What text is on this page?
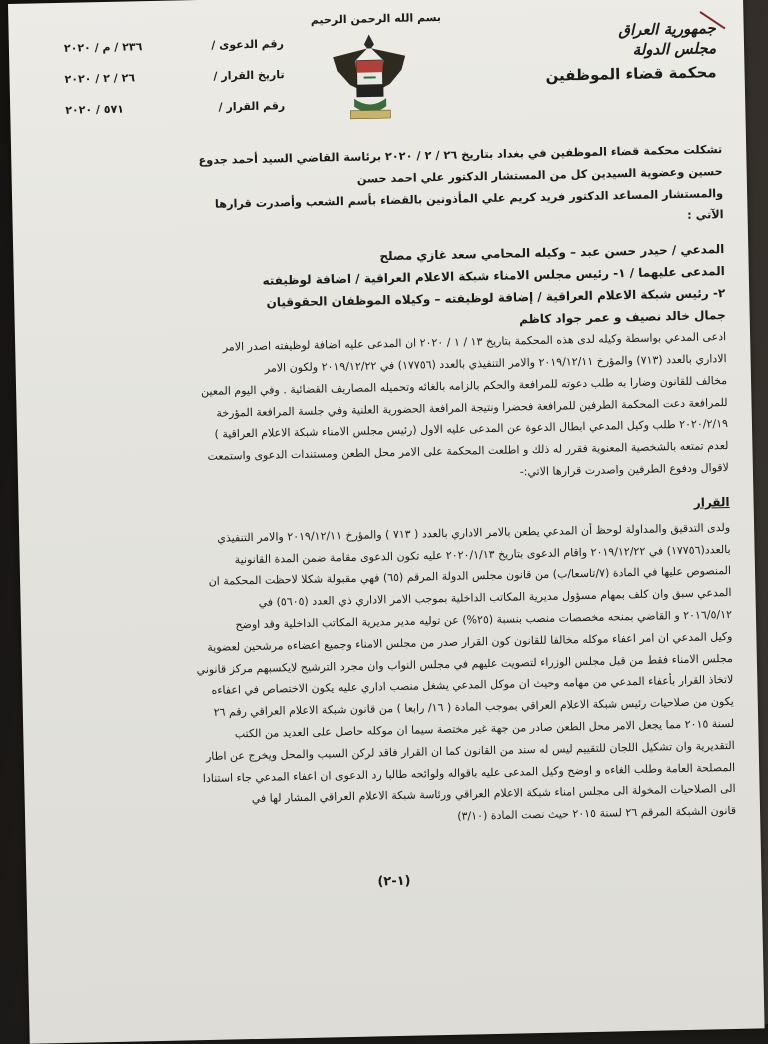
بسم الله الرحمن الرحيم
جمهورية العراق
مجلس الدولة
محكمة قضاء الموظفين
رقم الدعوى /
٢٣٦ / م / ٢٠٢٠
تاريخ القرار /
٢٦ / ٢ / ٢٠٢٠
رقم القرار /
٥٧١ / ٢٠٢٠
تشكلت محكمة قضاء الموظفين في بغداد بتاريخ ٢٦ / ٢ / ٢٠٢٠ برئاسة القاضي السيد أحمد جدوع
حسين وعضوية السيدين كل من المستشار الدكتور علي احمد حسن
والمستشار المساعد الدكتور فريد كريم علي المأذونين بالقضاء بأسم الشعب وأصدرت قرارها
الآتي :
المدعي / حيدر حسن عبد – وكيله المحامي سعد غازي مصلح
المدعى عليهما / ١- رئيس مجلس الامناء شبكة الاعلام العراقية / اضافة لوظيفته
٢- رئيس شبكة الاعلام العراقية / إضافة لوظيفته – وكيلاه الموظفان الحقوقيان
جمال خالد نصيف و عمر جواد كاظم
ادعى المدعي بواسطة وكيله لدى هذه المحكمة بتاريخ ١٣ / ١ / ٢٠٢٠ ان المدعى عليه اضافة لوظيفته اصدر الامر
الاداري بالعدد (٧١٣) والمؤرخ ٢٠١٩/١٢/١١ والامر التنفيذي بالعدد (١٧٧٥٦) في ٢٠١٩/١٢/٢٢ ولكون الامر
مخالف للقانون وضارا به طلب دعوته للمرافعة والحكم بالزامه بالغائه وتحميله المصاريف القضائية . وفي اليوم المعين
للمرافعة دعت المحكمة الطرفين للمرافعة فحضرا ونتيجة المرافعة الحضورية العلنية وفي جلسة المرافعة المؤرخة
٢٠٢٠/٢/١٩ طلب وكيل المدعي ابطال الدعوة عن المدعى عليه الاول (رئيس مجلس الامناء شبكة الاعلام العراقية )
لعدم تمتعه بالشخصية المعنوية فقرر له ذلك و اطلعت المحكمة على الامر محل الطعن ومستندات الدعوى واستمعت
لاقوال ودفوع الطرفين واصدرت قرارها الاتي:-
القرار
ولدى التدقيق والمداولة لوحظ أن المدعي يطعن بالامر الاداري بالعدد ( ٧١٣ ) والمؤرخ ٢٠١٩/١٢/١١ والامر التنفيذي
بالعدد(١٧٧٥٦) في ٢٠١٩/١٢/٢٢ واقام الدعوى بتاريخ ٢٠٢٠/١/١٣ عليه تكون الدعوى مقامة ضمن المدة القانونية
المنصوص عليها في المادة (٧/تاسعا/ب) من قانون مجلس الدولة المرقم (٦٥) فهي مقبولة شكلا لاحظت المحكمة ان
المدعي سبق وان كلف بمهام مسؤول مديرية المكاتب الداخلية بموجب الامر الاداري ذي العدد (٥٦٠٥) في
٢٠١٦/٥/١٢ و القاضي بمنحه مخصصات منصب بنسبة (٢٥%) عن توليه مدير مديرية المكاتب الداخلية وقد اوضح
وكيل المدعي ان امر اعفاء موكله مخالفا للقانون كون القرار صدر من مجلس الامناء وجميع اعضاءه مرشحين لعضوية
مجلس الامناء فقط من قبل مجلس الوزراء لتصويت عليهم في مجلس النواب وان مجرد الترشيح لايكسبهم مركز قانوني
لاتخاذ القرار بأعفاء المدعي من مهامه وحيث ان موكل المدعي يشغل منصب اداري عليه يكون الاختصاص في اعفاءه
يكون من صلاحيات رئيس شبكة الاعلام العراقي بموجب المادة ( ١٦/ رابعا ) من قانون شبكة الاعلام العراقي رقم ٢٦
لسنة ٢٠١٥ مما يجعل الامر محل الطعن صادر من جهة غير مختصة سيما ان موكله حاصل على العديد من الكتب
التقديرية وان تشكيل اللجان للتقييم ليس له سند من القانون كما ان القرار فاقد لركن السبب والمحل ويخرج عن اطار
المصلحة العامة وطلب الغاءه و اوضح وكيل المدعى عليه باقواله ولوائحه طالبا رد الدعوى ان اعفاء المدعي جاء استنادا
الى الصلاحيات المخولة الى مجلس امناء شبكة الاعلام العراقي ورئاسة شبكة الاعلام العراقي المشار لها في
قانون الشبكة المرقم ٢٦ لسنة ٢٠١٥ حيث نصت المادة (٣/١٠)
(١-٢)
